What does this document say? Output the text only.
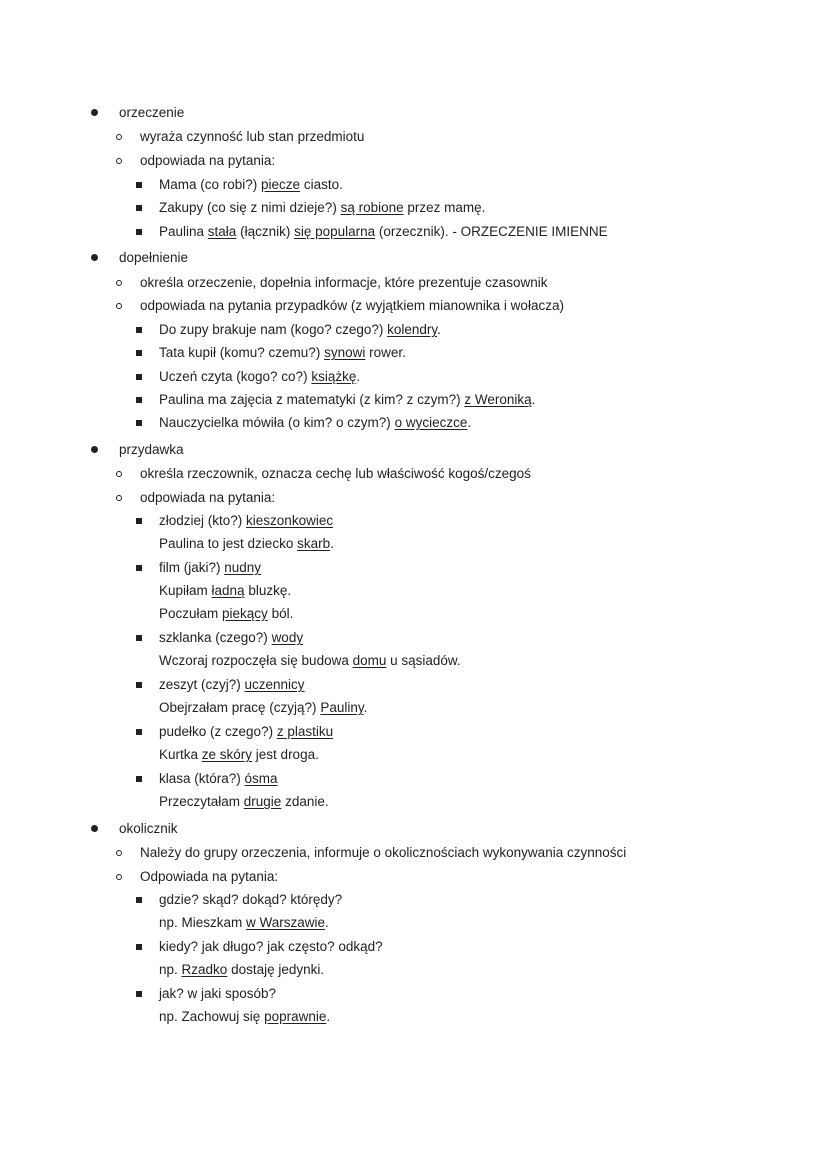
orzeczenie
wyraża czynność lub stan przedmiotu
odpowiada na pytania:
Mama (co robi?) piecze ciasto.
Zakupy (co się z nimi dzieje?) są robione przez mamę.
Paulina stała (łącznik) się popularna (orzecznik). - ORZECZENIE IMIENNE
dopełnienie
określa orzeczenie, dopełnia informacje, które prezentuje czasownik
odpowiada na pytania przypadków (z wyjątkiem mianownika i wołacza)
Do zupy brakuje nam (kogo? czego?) kolendry.
Tata kupił (komu? czemu?) synowi rower.
Uczeń czyta (kogo? co?) książkę.
Paulina ma zajęcia z matematyki (z kim? z czym?) z Weroniką.
Nauczycielka mówiła (o kim? o czym?) o wycieczce.
przydawka
określa rzeczownik, oznacza cechę lub właściwość kogoś/czegoś
odpowiada na pytania:
złodziej (kto?) kieszonkowiec
Paulina to jest dziecko skarb.
film (jaki?) nudny
Kupiłam ładną bluzkę.
Poczułam piekący ból.
szklanka (czego?) wody
Wczoraj rozpoczęła się budowa domu u sąsiadów.
zeszyt (czyj?) uczennicy
Obejrzałam pracę (czyją?) Pauliny.
pudełko (z czego?) z plastiku
Kurtka ze skóry jest droga.
klasa (która?) ósma
Przeczytałam drugie zdanie.
okolicznik
Należy do grupy orzeczenia, informuje o okolicznościach wykonywania czynności
Odpowiada na pytania:
gdzie? skąd? dokąd? którędy?
np. Mieszkam w Warszawie.
kiedy? jak długo? jak często? odkąd?
np. Rzadko dostaję jedynki.
jak? w jaki sposób?
np. Zachowuj się poprawnie.
